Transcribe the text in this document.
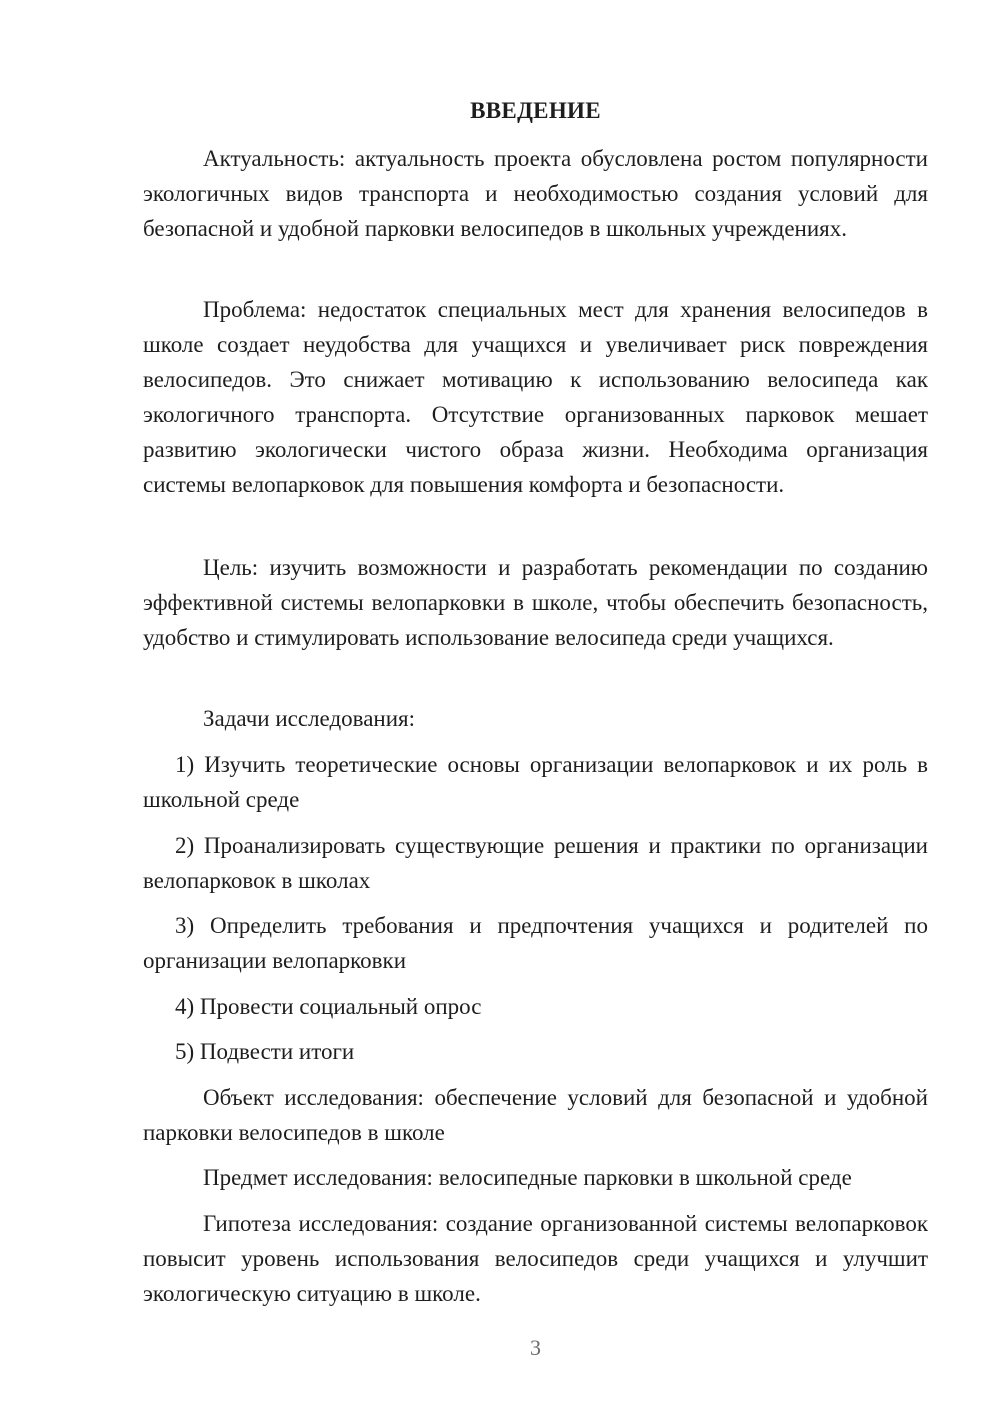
ВВЕДЕНИЕ

Актуальность: актуальность проекта обусловлена ростом популярности экологичных видов транспорта и необходимостью создания условий для безопасной и удобной парковки велосипедов в школьных учреждениях.

Проблема: недостаток специальных мест для хранения велосипедов в школе создает неудобства для учащихся и увеличивает риск повреждения велосипедов. Это снижает мотивацию к использованию велосипеда как экологичного транспорта. Отсутствие организованных парковок мешает развитию экологически чистого образа жизни. Необходима организация системы велопарковок для повышения комфорта и безопасности.

Цель: изучить возможности и разработать рекомендации по созданию эффективной системы велопарковки в школе, чтобы обеспечить безопасность, удобство и стимулировать использование велосипеда среди учащихся.

Задачи исследования:

1) Изучить теоретические основы организации велопарковок и их роль в школьной среде

2) Проанализировать существующие решения и практики по организации велопарковок в школах

3) Определить требования и предпочтения учащихся и родителей по организации велопарковки

4) Провести социальный опрос

5) Подвести итоги

Объект исследования: обеспечение условий для безопасной и удобной парковки велосипедов в школе

Предмет исследования: велосипедные парковки в школьной среде

Гипотеза исследования: создание организованной системы велопарковок повысит уровень использования велосипедов среди учащихся и улучшит экологическую ситуацию в школе.

3
